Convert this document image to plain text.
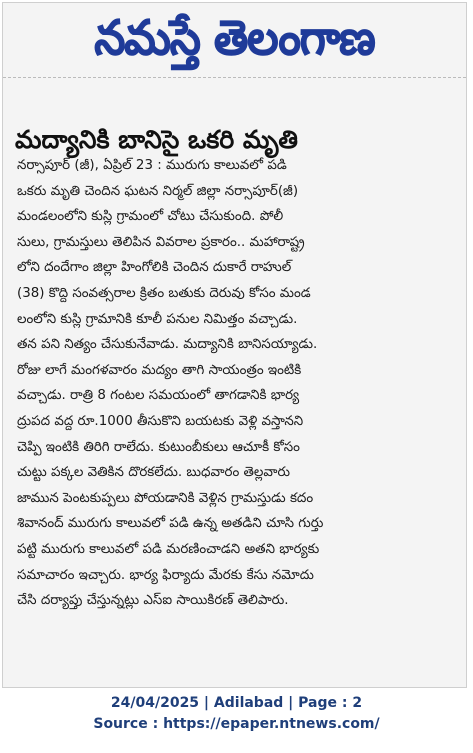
నమస్తే తెలంగాణ
మద్యానికి బానిసై ఒకరి మృతి
నర్సాపూర్ (జీ), ఏప్రిల్ 23 : మురుగు కాలువలో పడి
ఒకరు మృతి చెందిన ఘటన నిర్మల్ జిల్లా నర్సాపూర్(జీ)
మండలంలోని కుస్లి గ్రామంలో చోటు చేసుకుంది. పోలీ
సులు, గ్రామస్తులు తెలిపిన వివరాల ప్రకారం.. మహారాష్ట్ర
లోని దందేగాం జిల్లా హింగోలికి చెందిన దుకారే రాహుల్
(38) కొద్ది సంవత్సరాల క్రితం బతుకు దెరువు కోసం మండ
లంలోని కుస్లి గ్రామానికి కూలీ పనుల నిమిత్తం వచ్చాడు.
తన పని నిత్యం చేసుకునేవాడు. మద్యానికి బానిసయ్యాడు.
రోజు లాగే మంగళవారం మద్యం తాగి సాయంత్రం ఇంటికి
వచ్చాడు. రాత్రి 8 గంటల సమయంలో తాగడానికి భార్య
ద్రుపద వద్ద రూ.1000 తీసుకొని బయటకు వెళ్లి వస్తానని
చెప్పి ఇంటికి తిరిగి రాలేదు. కుటుంబీకులు ఆచూకీ కోసం
చుట్టు పక్కల వెతికిన దొరకలేదు. బుధవారం తెల్లవారు
జామున పెంటకుప్పలు పోయడానికి వెళ్లిన గ్రామస్తుడు కదం
శివానంద్ మురుగు కాలువలో పడి ఉన్న అతడిని చూసి గుర్తు
పట్టి మురుగు కాలువలో పడి మరణించాడని అతని భార్యకు
సమాచారం ఇచ్చారు. భార్య ఫిర్యాదు మేరకు కేసు నమోదు
చేసి దర్యాప్తు చేస్తున్నట్లు ఎస్ఐ సాయికిరణ్ తెలిపారు.
24/04/2025 | Adilabad | Page : 2
Source : https://epaper.ntnews.com/
